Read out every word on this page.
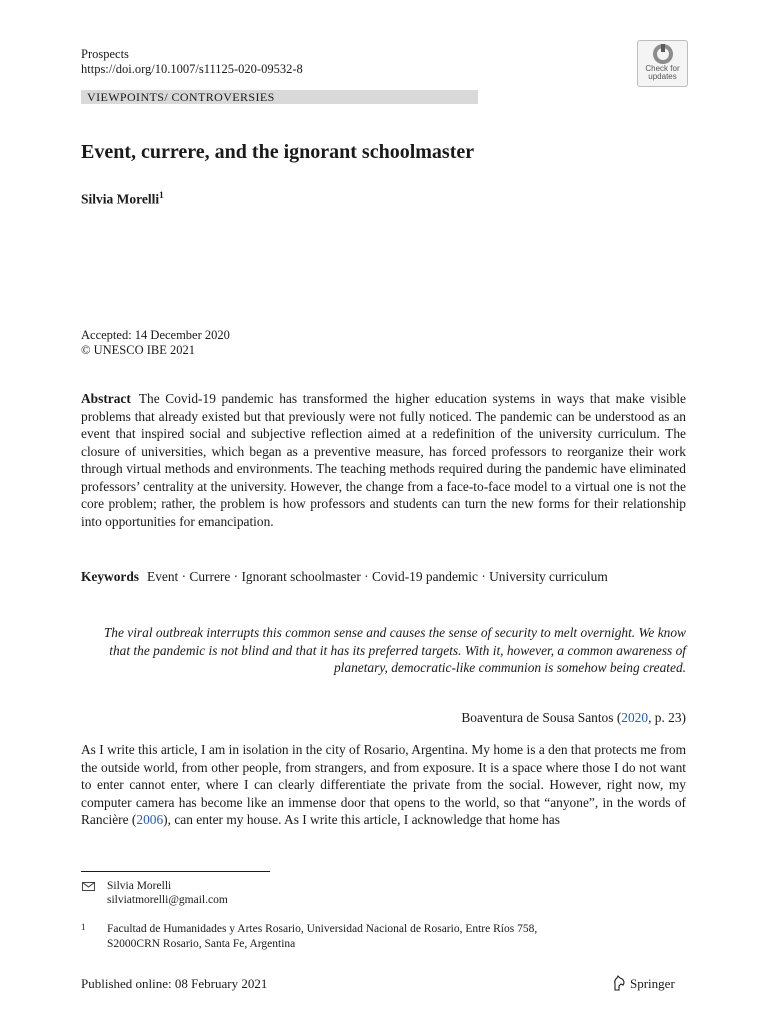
Prospects
https://doi.org/10.1007/s11125-020-09532-8	Check for
updates
VIEWPOINTS/ CONTROVERSIES
Event, currere, and the ignorant schoolmaster
Silvia Morelli$^1$
Accepted: 14 December 2020
© UNESCO IBE 2021
Abstract The Covid-19 pandemic has transformed the higher education systems in ways that make visible problems that already existed but that previously were not fully noticed. The pandemic can be understood as an event that inspired social and subjective reflection aimed at a redefinition of the university curriculum. The closure of universities, which began as a preventive measure, has forced professors to reorganize their work through virtual methods and environments. The teaching methods required during the pandemic have eliminated professors’ centrality at the university. However, the change from a face-to-face model to a virtual one is not the core problem; rather, the problem is how professors and students can turn the new forms for their relationship into opportunities for emancipation.
Keywords Event · Currere · Ignorant schoolmaster · Covid-19 pandemic · University curriculum
The viral outbreak interrupts this common sense and causes the sense of security to melt overnight. We know that the pandemic is not blind and that it has its preferred targets. With it, however, a common awareness of planetary, democratic-like communion is somehow being created.
Boaventura de Sousa Santos (2020, p. 23)
As I write this article, I am in isolation in the city of Rosario, Argentina. My home is a den that protects me from the outside world, from other people, from strangers, and from exposure. It is a space where those I do not want to enter cannot enter, where I can clearly differentiate the private from the social. However, right now, my computer camera has become like an immense door that opens to the world, so that “anyone”, in the words of Rancière (2006), can enter my house. As I write this article, I acknowledge that home has
Silvia Morelli
silviatmorelli@gmail.com
1 Facultad de Humanidades y Artes Rosario, Universidad Nacional de Rosario, Entre Ríos 758,
S2000CRN Rosario, Santa Fe, Argentina
Published online: 08 February 2021	Springer
